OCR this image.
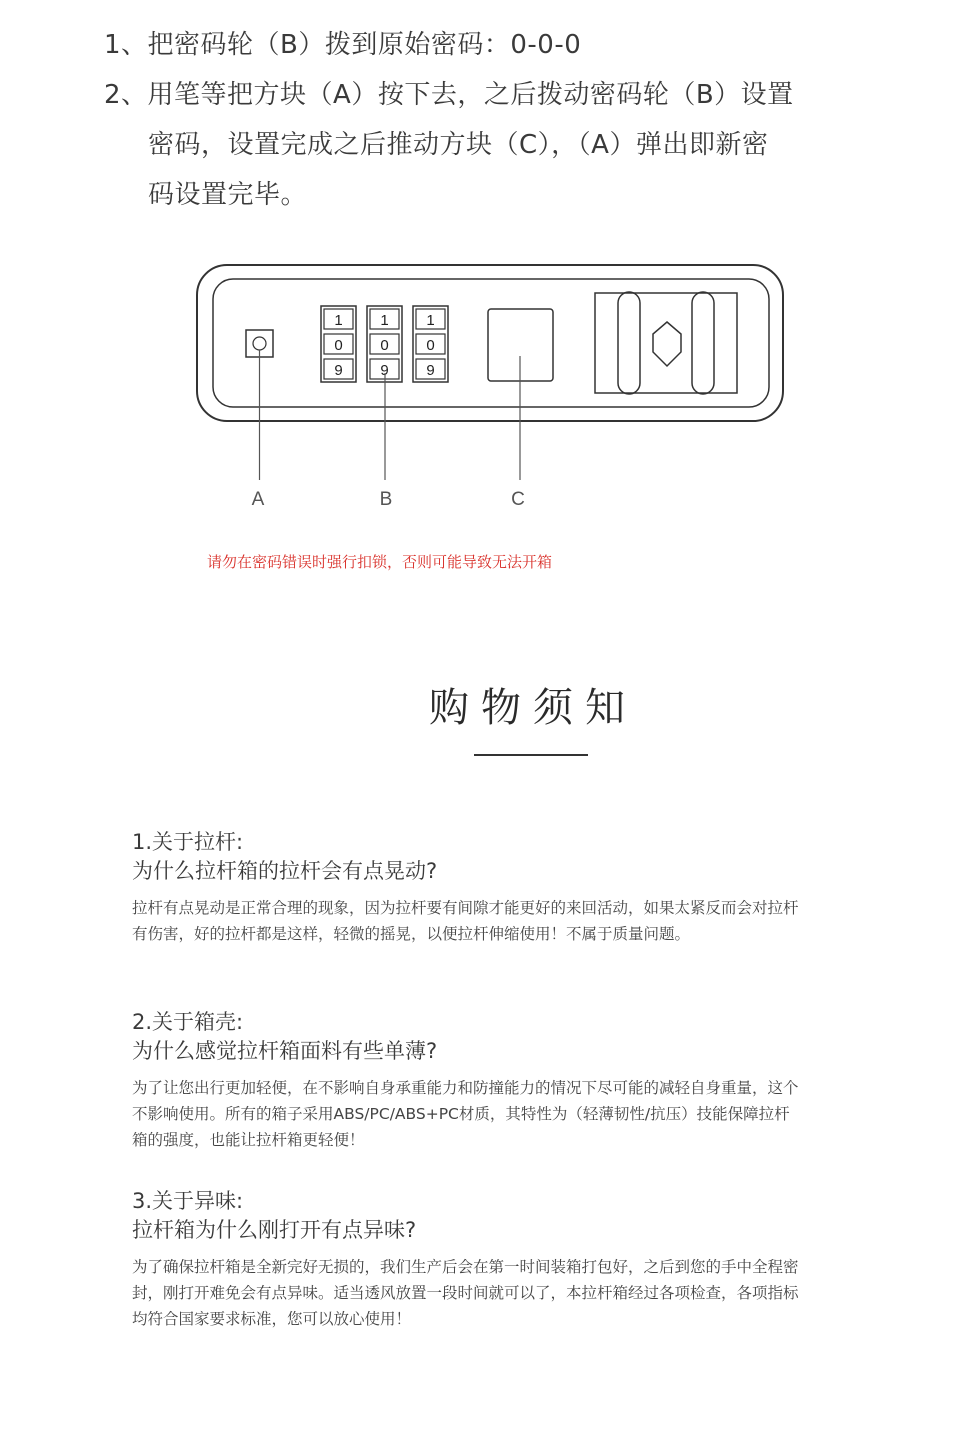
1、把密码轮（B）拨到原始密码：0-0-0
2、用笔等把方块（A）按下去，之后拨动密码轮（B）设置
密码，设置完成之后推动方块（C），（A）弹出即新密
码设置完毕。
1
0
9
1
0
9
1
0
9
A	B	C
请勿在密码错误时强行扣锁，否则可能导致无法开箱
购物须知
1.关于拉杆:
为什么拉杆箱的拉杆会有点晃动?
拉杆有点晃动是正常合理的现象，因为拉杆要有间隙才能更好的来回活动，如果太紧反而会对拉杆有伤害，好的拉杆都是这样，轻微的摇晃，以便拉杆伸缩使用！不属于质量问题。
2.关于箱壳:
为什么感觉拉杆箱面料有些单薄?
为了让您出行更加轻便，在不影响自身承重能力和防撞能力的情况下尽可能的减轻自身重量，这个不影响使用。所有的箱子采用ABS/PC/ABS+PC材质，其特性为（轻薄韧性/抗压）技能保障拉杆箱的强度，也能让拉杆箱更轻便！
3.关于异味:
拉杆箱为什么刚打开有点异味?
为了确保拉杆箱是全新完好无损的，我们生产后会在第一时间装箱打包好，之后到您的手中全程密封，刚打开难免会有点异味。适当透风放置一段时间就可以了，本拉杆箱经过各项检查，各项指标均符合国家要求标准，您可以放心使用！
